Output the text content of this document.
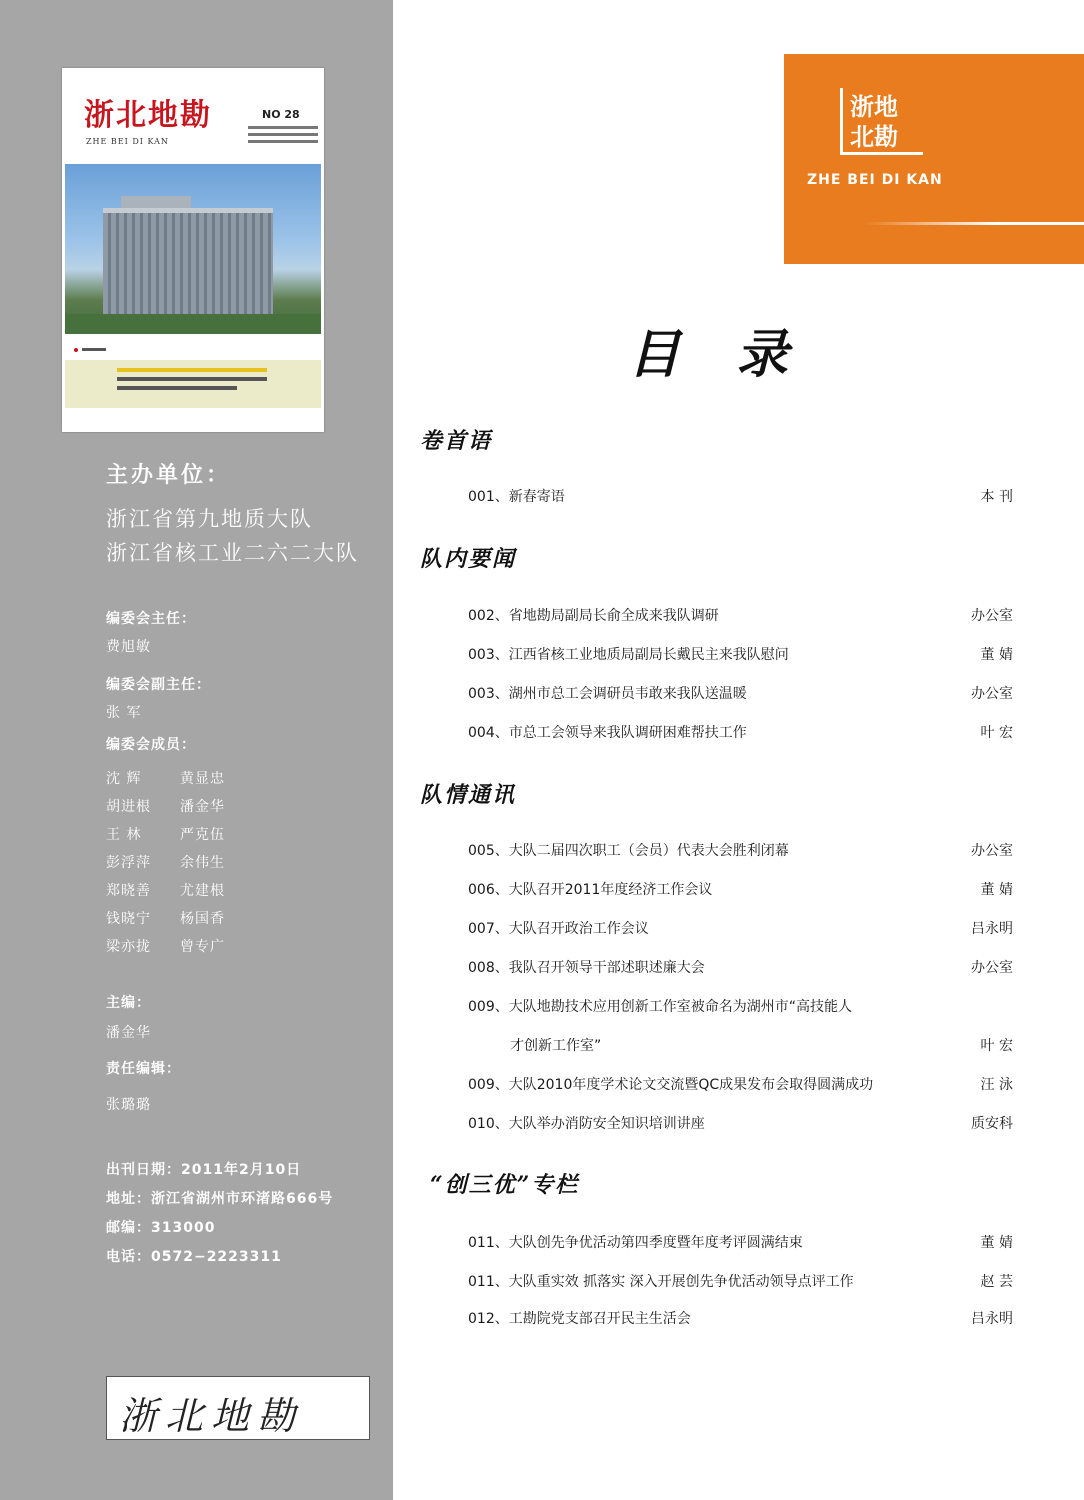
浙北地勘
ZHE BEI DI KAN
NO 28
主办单位：
浙江省第九地质大队
浙江省核工业二六二大队
编委会主任：
费旭敏
编委会副主任：
张 军
编委会成员：
沈 辉	黄显忠
胡进根 潘金华
王 林	严克伍
彭浮萍 余伟生
郑晓善 尤建根
钱晓宁 杨国香
梁亦拢 曾专广
主编：
潘金华
责任编辑：
张璐璐
出刊日期：2011年2月10日
地址：浙江省湖州市环渚路666号
邮编：313000
电话：0572−2223311
浙北地勘
浙地
北勘
ZHE BEI DI KAN
目录
卷首语
001、新春寄语	本 刊
队内要闻
002、省地勘局副局长俞全成来我队调研	办公室
003、江西省核工业地质局副局长戴民主来我队慰问	董 婧
003、湖州市总工会调研员韦敢来我队送温暖	办公室
004、市总工会领导来我队调研困难帮扶工作	叶 宏
队情通讯
005、大队二届四次职工（会员）代表大会胜利闭幕	办公室
006、大队召开2011年度经济工作会议	董 婧
007、大队召开政治工作会议	吕永明
008、我队召开领导干部述职述廉大会	办公室
009、大队地勘技术应用创新工作室被命名为湖州市“高技能人
才创新工作室”	叶 宏
009、大队2010年度学术论文交流暨QC成果发布会取得圆满成功	汪 泳
010、大队举办消防安全知识培训讲座	质安科
“创三优”专栏
011、大队创先争优活动第四季度暨年度考评圆满结束	董 婧
011、大队重实效 抓落实 深入开展创先争优活动领导点评工作	赵 芸
012、工勘院党支部召开民主生活会	吕永明
